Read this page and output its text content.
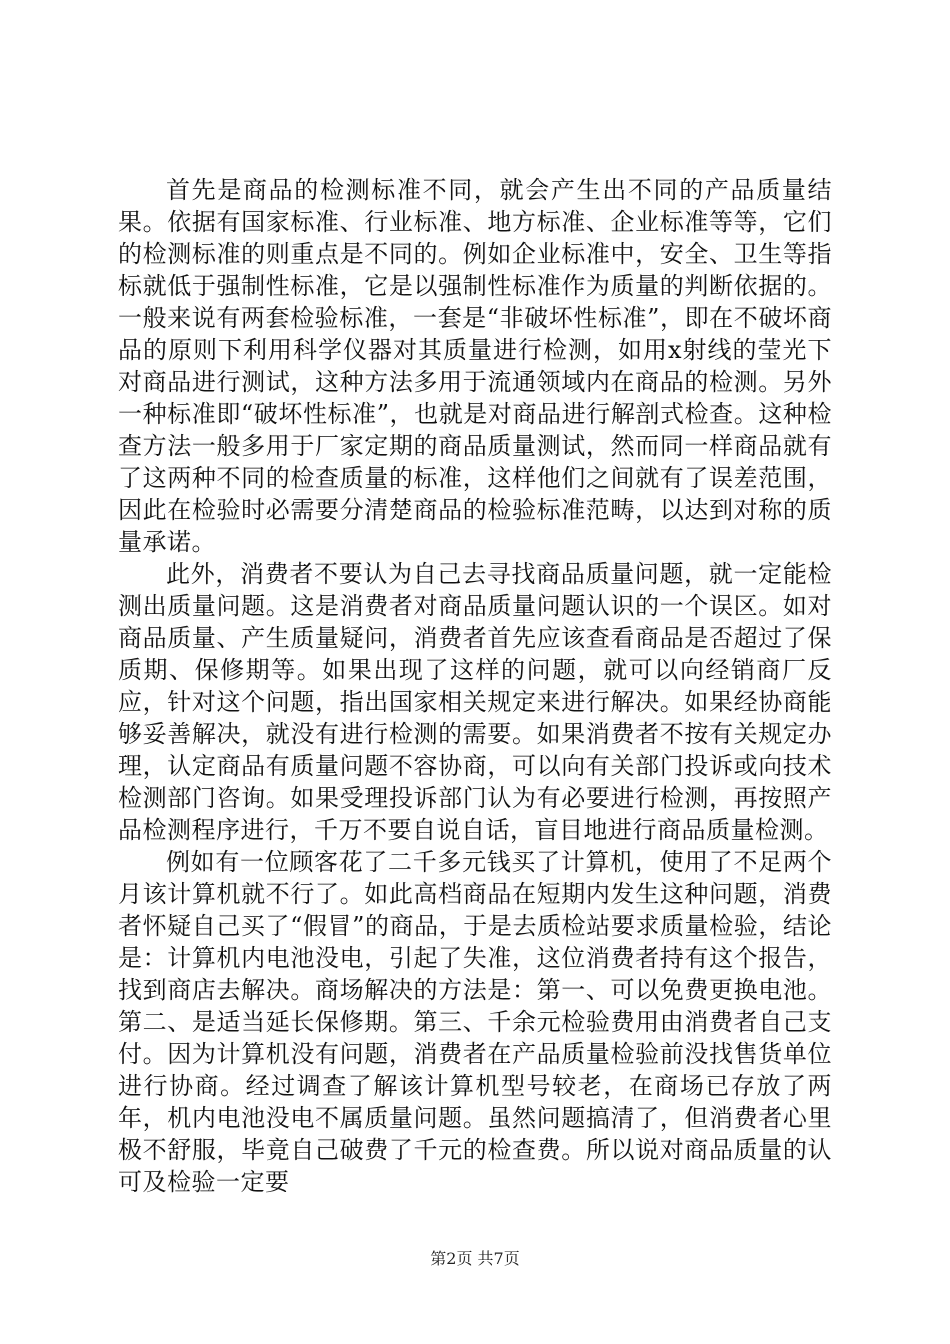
首先是商品的检测标准不同，就会产生出不同的产品质量结果。依据有国家标准、行业标准、地方标准、企业标准等等，它们的检测标准的则重点是不同的。例如企业标准中，安全、卫生等指标就低于强制性标准，它是以强制性标准作为质量的判断依据的。一般来说有两套检验标准，一套是“非破坏性标准”，即在不破坏商品的原则下利用科学仪器对其质量进行检测，如用x射线的莹光下对商品进行测试，这种方法多用于流通领域内在商品的检测。另外一种标准即“破坏性标准”，也就是对商品进行解剖式检查。这种检查方法一般多用于厂家定期的商品质量测试，然而同一样商品就有了这两种不同的检查质量的标准，这样他们之间就有了误差范围，因此在检验时必需要分清楚商品的检验标准范畴，以达到对称的质量承诺。

此外，消费者不要认为自己去寻找商品质量问题，就一定能检测出质量问题。这是消费者对商品质量问题认识的一个误区。如对商品质量、产生质量疑问，消费者首先应该查看商品是否超过了保质期、保修期等。如果出现了这样的问题，就可以向经销商厂反应，针对这个问题，指出国家相关规定来进行解决。如果经协商能够妥善解决，就没有进行检测的需要。如果消费者不按有关规定办理，认定商品有质量问题不容协商，可以向有关部门投诉或向技术检测部门咨询。如果受理投诉部门认为有必要进行检测，再按照产品检测程序进行，千万不要自说自话，盲目地进行商品质量检测。

例如有一位顾客花了二千多元钱买了计算机，使用了不足两个月该计算机就不行了。如此高档商品在短期内发生这种问题，消费者怀疑自己买了“假冒”的商品，于是去质检站要求质量检验，结论是：计算机内电池没电，引起了失准，这位消费者持有这个报告，找到商店去解决。商场解决的方法是：第一、可以免费更换电池。第二、是适当延长保修期。第三、千余元检验费用由消费者自己支付。因为计算机没有问题，消费者在产品质量检验前没找售货单位进行协商。经过调查了解该计算机型号较老，在商场已存放了两年，机内电池没电不属质量问题。虽然问题搞清了，但消费者心里极不舒服，毕竟自己破费了千元的检查费。所以说对商品质量的认可及检验一定要

第2页 共7页
